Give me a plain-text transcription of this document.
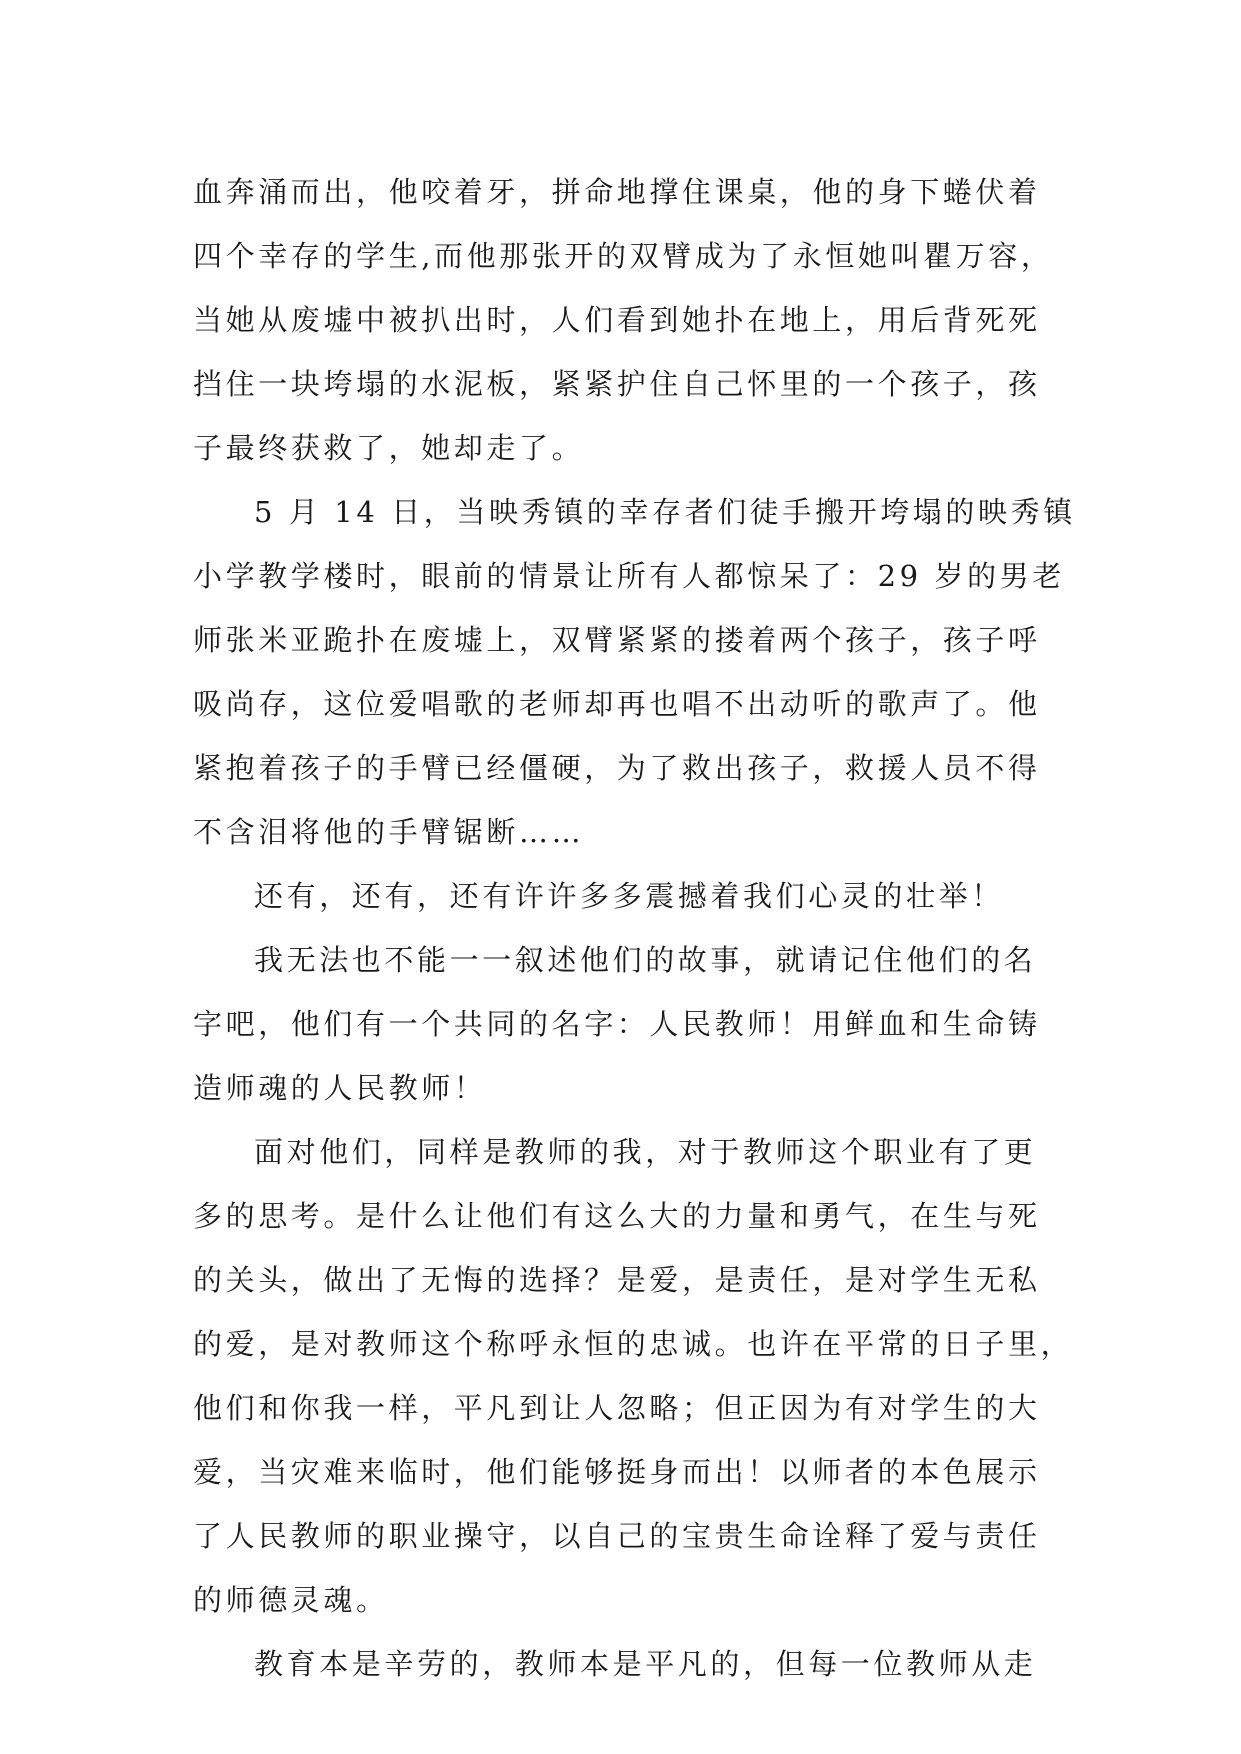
血奔涌而出，他咬着牙，拼命地撑住课桌，他的身下蜷伏着
四个幸存的学生,而他那张开的双臂成为了永恒她叫瞿万容，
当她从废墟中被扒出时，人们看到她扑在地上，用后背死死
挡住一块垮塌的水泥板，紧紧护住自己怀里的一个孩子，孩
子最终获救了，她却走了。
5 月 14 日，当映秀镇的幸存者们徒手搬开垮塌的映秀镇
小学教学楼时，眼前的情景让所有人都惊呆了：29 岁的男老
师张米亚跪扑在废墟上，双臂紧紧的搂着两个孩子，孩子呼
吸尚存，这位爱唱歌的老师却再也唱不出动听的歌声了。他
紧抱着孩子的手臂已经僵硬，为了救出孩子，救援人员不得
不含泪将他的手臂锯断……
还有，还有，还有许许多多震撼着我们心灵的壮举！
我无法也不能一一叙述他们的故事，就请记住他们的名
字吧，他们有一个共同的名字：人民教师！用鲜血和生命铸
造师魂的人民教师！
面对他们，同样是教师的我，对于教师这个职业有了更
多的思考。是什么让他们有这么大的力量和勇气，在生与死
的关头，做出了无悔的选择？是爱，是责任，是对学生无私
的爱，是对教师这个称呼永恒的忠诚。也许在平常的日子里，
他们和你我一样，平凡到让人忽略；但正因为有对学生的大
爱，当灾难来临时，他们能够挺身而出！以师者的本色展示
了人民教师的职业操守，以自己的宝贵生命诠释了爱与责任
的师德灵魂。
教育本是辛劳的，教师本是平凡的，但每一位教师从走
